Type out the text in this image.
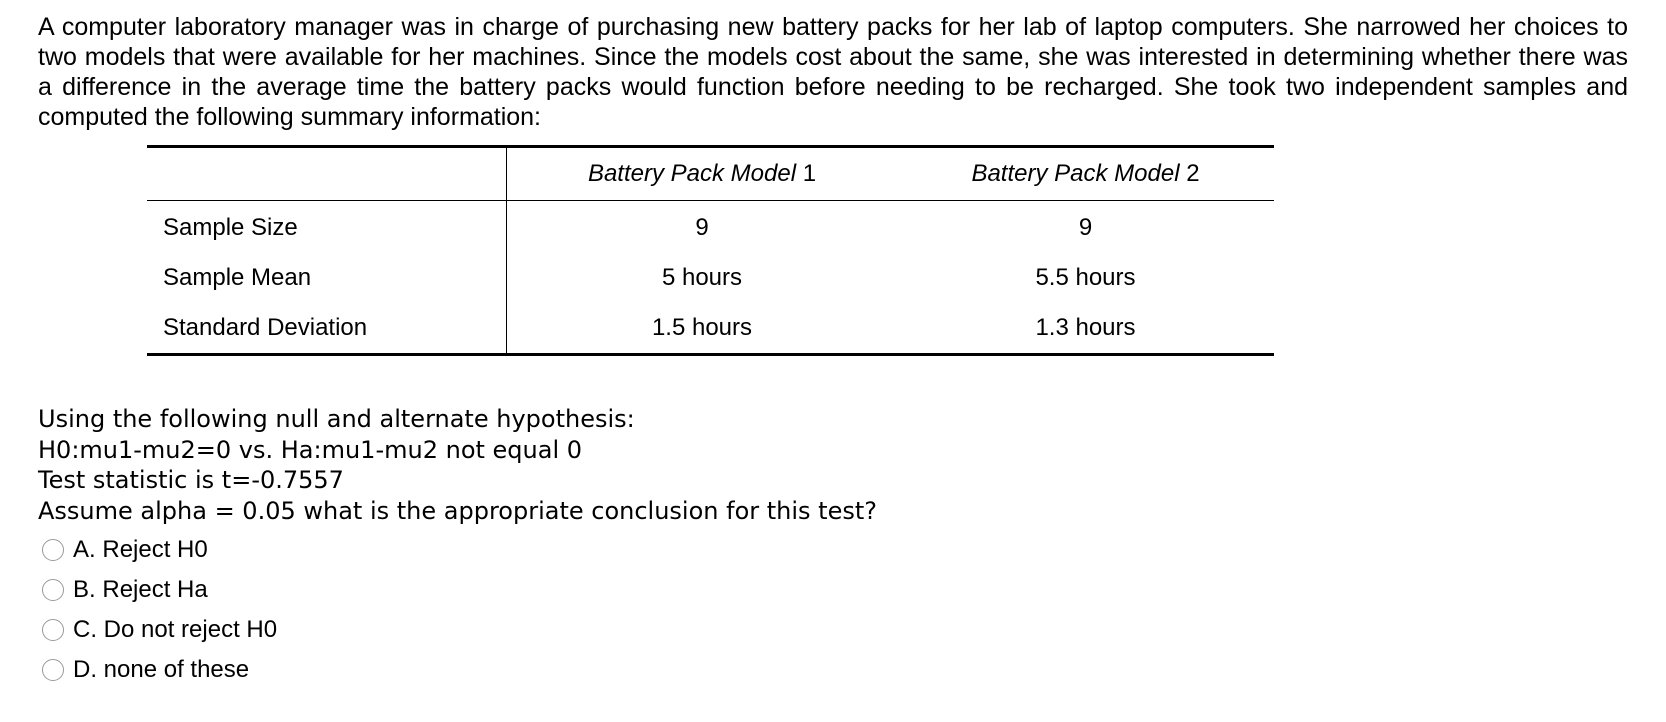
A computer laboratory manager was in charge of purchasing new battery packs for her lab of laptop computers. She narrowed her choices to two models that were available for her machines. Since the models cost about the same, she was interested in determining whether there was a difference in the average time the battery packs would function before needing to be recharged. She took two independent samples and computed the following summary information:
	Battery Pack Model 1	Battery Pack Model 2
Sample Size	9	9
Sample Mean	5 hours	5.5 hours
Standard Deviation	1.5 hours	1.3 hours
Using the following null and alternate hypothesis:
H0:mu1-mu2=0 vs. Ha:mu1-mu2 not equal 0
Test statistic is t=-0.7557
Assume alpha = 0.05 what is the appropriate conclusion for this test?
A.
Reject H0
B.
Reject Ha
C.
Do not reject H0
D.
none of these
